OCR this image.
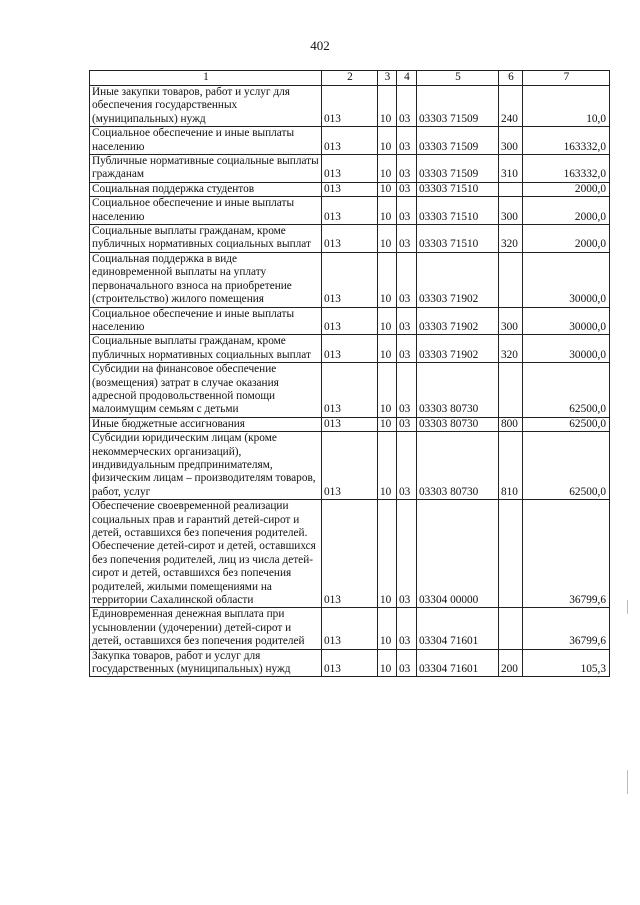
402
1	2	3	4	5	6	7
Иные закупки товаров, работ и услуг для обеспечения государственных (муниципальных) нужд	013	10	03	03303 71509	240	10,0
Социальное обеспечение и иные выплаты населению	013	10	03	03303 71509	300	163332,0
Публичные нормативные социальные выплаты гражданам	013	10	03	03303 71509	310	163332,0
Социальная поддержка студентов	013	10	03	03303 71510		2000,0
Социальное обеспечение и иные выплаты населению	013	10	03	03303 71510	300	2000,0
Социальные выплаты гражданам, кроме публичных нормативных социальных выплат	013	10	03	03303 71510	320	2000,0
Социальная поддержка в виде единовременной выплаты на уплату первоначального взноса на приобретение (строительство) жилого помещения	013	10	03	03303 71902		30000,0
Социальное обеспечение и иные выплаты населению	013	10	03	03303 71902	300	30000,0
Социальные выплаты гражданам, кроме публичных нормативных социальных выплат	013	10	03	03303 71902	320	30000,0
Субсидии на финансовое обеспечение (возмещения) затрат в случае оказания адресной продовольственной помощи малоимущим семьям с детьми	013	10	03	03303 80730		62500,0
Иные бюджетные ассигнования	013	10	03	03303 80730	800	62500,0
Субсидии юридическим лицам (кроме некоммерческих организаций), индивидуальным предпринимателям, физическим лицам – производителям товаров, работ, услуг	013	10	03	03303 80730	810	62500,0
Обеспечение своевременной реализации социальных прав и гарантий детей-сирот и детей, оставшихся без попечения родителей. Обеспечение детей-сирот и детей, оставшихся без попечения родителей, лиц из числа детей-сирот и детей, оставшихся без попечения родителей, жилыми помещениями на территории Сахалинской области	013	10	03	03304 00000		36799,6
Единовременная денежная выплата при усыновлении (удочерении) детей-сирот и детей, оставшихся без попечения родителей	013	10	03	03304 71601		36799,6
Закупка товаров, работ и услуг для государственных (муниципальных) нужд	013	10	03	03304 71601	200	105,3
